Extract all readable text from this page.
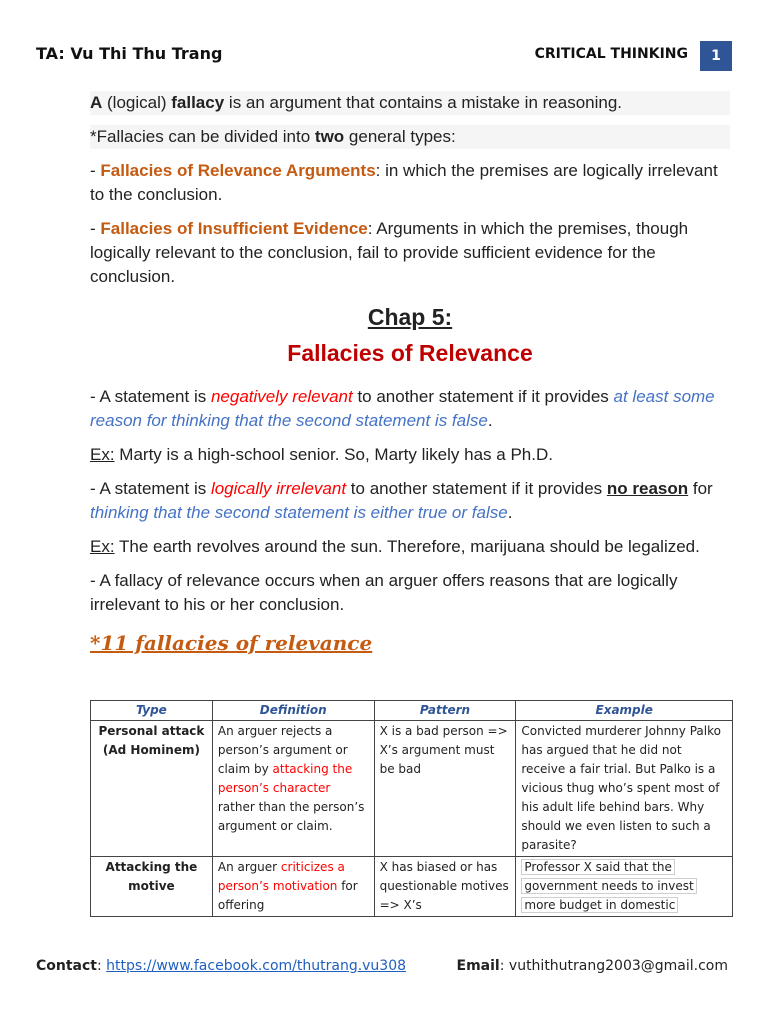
TA: Vu Thi Thu Trang	CRITICAL THINKING	1

A (logical) fallacy is an argument that contains a mistake in reasoning.

*Fallacies can be divided into two general types:

- Fallacies of Relevance Arguments: in which the premises are logically irrelevant to the conclusion.

- Fallacies of Insufficient Evidence: Arguments in which the premises, though logically relevant to the conclusion, fail to provide sufficient evidence for the conclusion.

Chap 5:
Fallacies of Relevance

- A statement is negatively relevant to another statement if it provides at least some reason for thinking that the second statement is false.

Ex: Marty is a high-school senior. So, Marty likely has a Ph.D.

- A statement is logically irrelevant to another statement if it provides no reason for thinking that the second statement is either true or false.

Ex: The earth revolves around the sun. Therefore, marijuana should be legalized.

- A fallacy of relevance occurs when an arguer offers reasons that are logically irrelevant to his or her conclusion.

*11 fallacies of relevance
Type	Definition	Pattern	Example
Personal attack (Ad Hominem)	An arguer rejects a person’s argument or claim by attacking the person’s character rather than the person’s argument or claim.	X is a bad person => X’s argument must be bad	Convicted murderer Johnny Palko has argued that he did not receive a fair trial. But Palko is a vicious thug who’s spent most of his adult life behind bars. Why should we even listen to such a parasite?
Attacking the motive	An arguer criticizes a person’s motivation for offering	X has biased or has questionable motives => X’s	Professor X said that the
government needs to invest
more budget in domestic
Contact: https://www.facebook.com/thutrang.vu308	Email: vuthithutrang2003@gmail.com
